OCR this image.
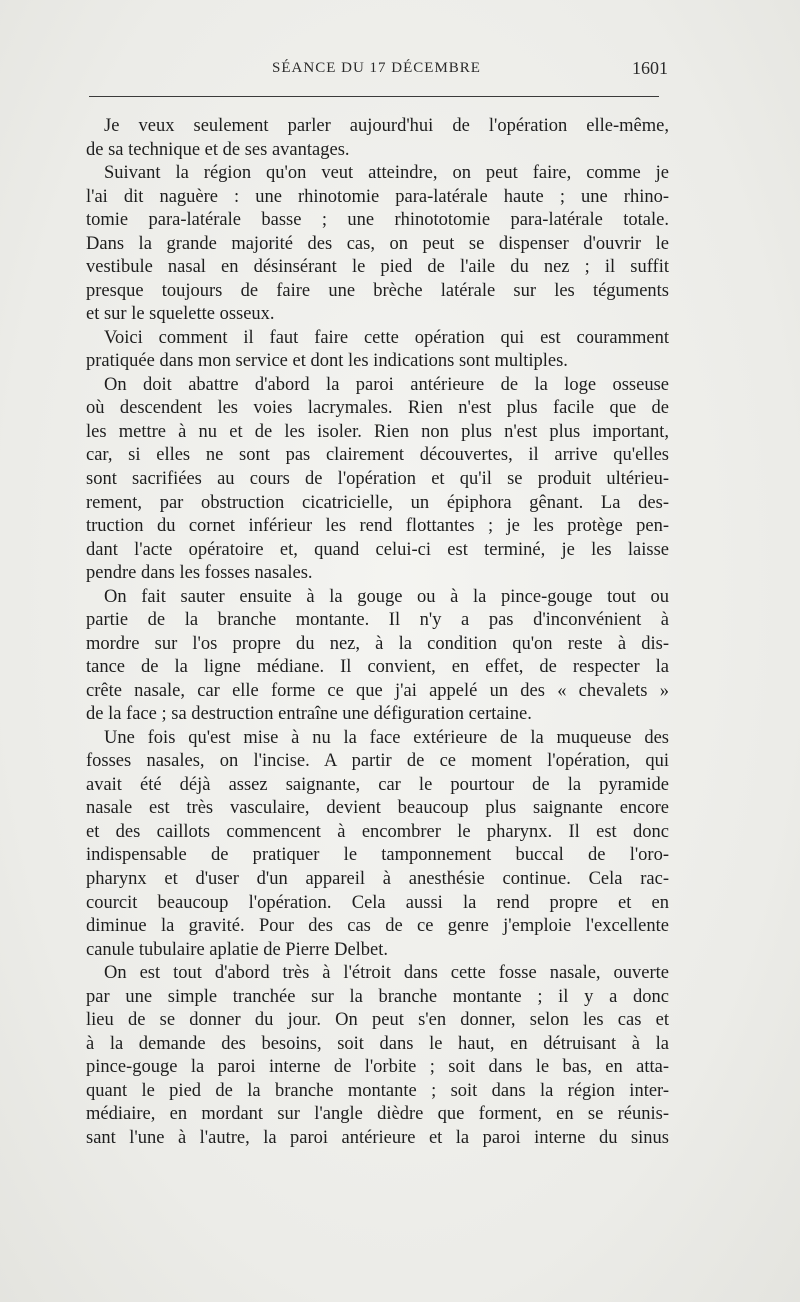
SÉANCE DU 17 DÉCEMBRE	1601
Je veux seulement parler aujourd'hui de l'opération elle-même,
de sa technique et de ses avantages.
Suivant la région qu'on veut atteindre, on peut faire, comme je
l'ai dit naguère : une rhinotomie para-latérale haute ; une rhino-
tomie para-latérale basse ; une rhinototomie para-latérale totale.
Dans la grande majorité des cas, on peut se dispenser d'ouvrir le
vestibule nasal en désinsérant le pied de l'aile du nez ; il suffit
presque toujours de faire une brèche latérale sur les téguments
et sur le squelette osseux.
Voici comment il faut faire cette opération qui est couramment
pratiquée dans mon service et dont les indications sont multiples.
On doit abattre d'abord la paroi antérieure de la loge osseuse
où descendent les voies lacrymales. Rien n'est plus facile que de
les mettre à nu et de les isoler. Rien non plus n'est plus important,
car, si elles ne sont pas clairement découvertes, il arrive qu'elles
sont sacrifiées au cours de l'opération et qu'il se produit ultérieu-
rement, par obstruction cicatricielle, un épiphora gênant. La des-
truction du cornet inférieur les rend flottantes ; je les protège pen-
dant l'acte opératoire et, quand celui-ci est terminé, je les laisse
pendre dans les fosses nasales.
On fait sauter ensuite à la gouge ou à la pince-gouge tout ou
partie de la branche montante. Il n'y a pas d'inconvénient à
mordre sur l'os propre du nez, à la condition qu'on reste à dis-
tance de la ligne médiane. Il convient, en effet, de respecter la
crête nasale, car elle forme ce que j'ai appelé un des « chevalets »
de la face ; sa destruction entraîne une défiguration certaine.
Une fois qu'est mise à nu la face extérieure de la muqueuse des
fosses nasales, on l'incise. A partir de ce moment l'opération, qui
avait été déjà assez saignante, car le pourtour de la pyramide
nasale est très vasculaire, devient beaucoup plus saignante encore
et des caillots commencent à encombrer le pharynx. Il est donc
indispensable de pratiquer le tamponnement buccal de l'oro-
pharynx et d'user d'un appareil à anesthésie continue. Cela rac-
courcit beaucoup l'opération. Cela aussi la rend propre et en
diminue la gravité. Pour des cas de ce genre j'emploie l'excellente
canule tubulaire aplatie de Pierre Delbet.
On est tout d'abord très à l'étroit dans cette fosse nasale, ouverte
par une simple tranchée sur la branche montante ; il y a donc
lieu de se donner du jour. On peut s'en donner, selon les cas et
à la demande des besoins, soit dans le haut, en détruisant à la
pince-gouge la paroi interne de l'orbite ; soit dans le bas, en atta-
quant le pied de la branche montante ; soit dans la région inter-
médiaire, en mordant sur l'angle dièdre que forment, en se réunis-
sant l'une à l'autre, la paroi antérieure et la paroi interne du sinus
